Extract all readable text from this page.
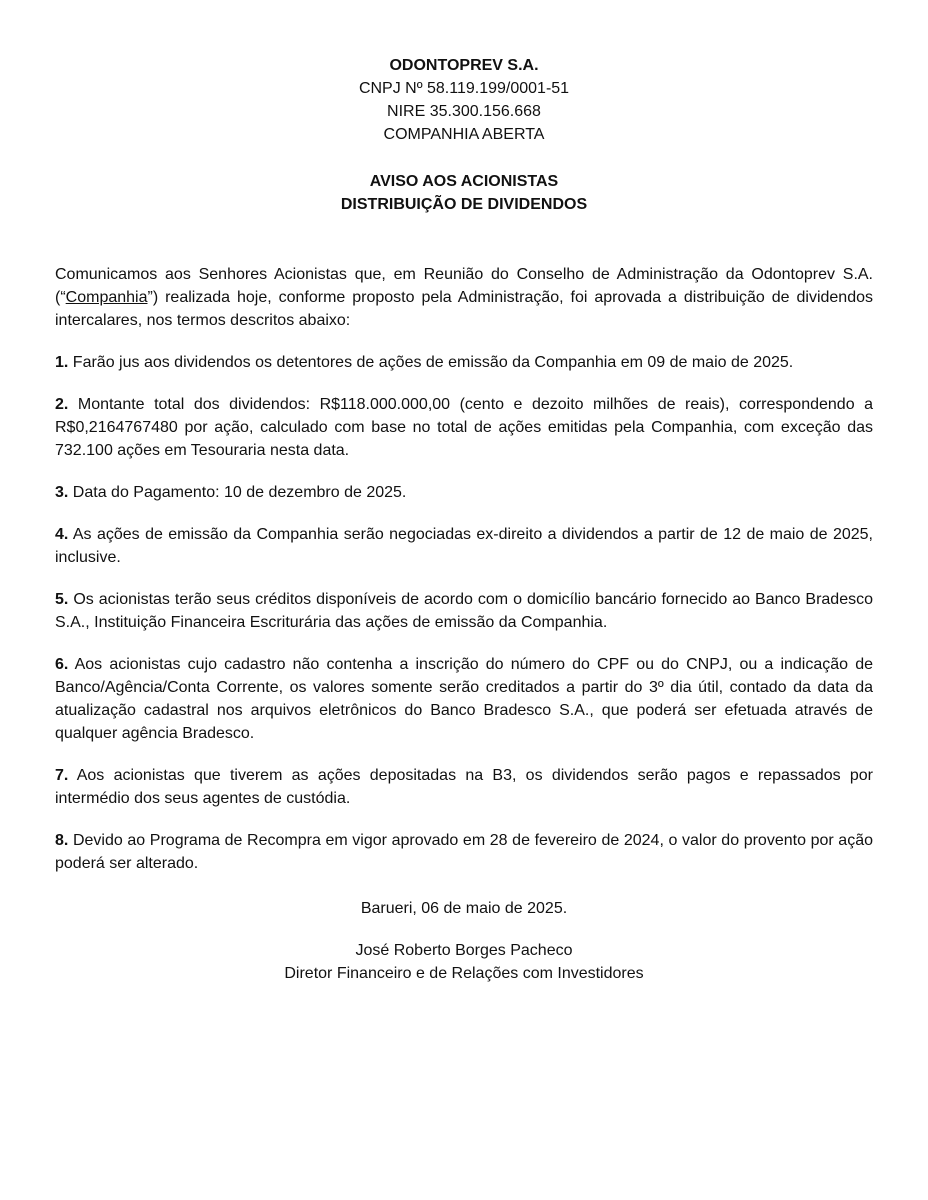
ODONTOPREV S.A.

CNPJ Nº 58.119.199/0001-51

NIRE 35.300.156.668

COMPANHIA ABERTA

AVISO AOS ACIONISTAS

DISTRIBUIÇÃO DE DIVIDENDOS

Comunicamos aos Senhores Acionistas que, em Reunião do Conselho de Administração da Odontoprev S.A. (“Companhia”) realizada hoje, conforme proposto pela Administração, foi aprovada a distribuição de dividendos intercalares, nos termos descritos abaixo:

1. Farão jus aos dividendos os detentores de ações de emissão da Companhia em 09 de maio de 2025.

2. Montante total dos dividendos: R$118.000.000,00 (cento e dezoito milhões de reais), correspondendo a R$0,2164767480 por ação, calculado com base no total de ações emitidas pela Companhia, com exceção das 732.100 ações em Tesouraria nesta data.

3. Data do Pagamento: 10 de dezembro de 2025.

4. As ações de emissão da Companhia serão negociadas ex-direito a dividendos a partir de 12 de maio de 2025, inclusive.

5. Os acionistas terão seus créditos disponíveis de acordo com o domicílio bancário fornecido ao Banco Bradesco S.A., Instituição Financeira Escriturária das ações de emissão da Companhia.

6. Aos acionistas cujo cadastro não contenha a inscrição do número do CPF ou do CNPJ, ou a indicação de Banco/Agência/Conta Corrente, os valores somente serão creditados a partir do 3º dia útil, contado da data da atualização cadastral nos arquivos eletrônicos do Banco Bradesco S.A., que poderá ser efetuada através de qualquer agência Bradesco.

7. Aos acionistas que tiverem as ações depositadas na B3, os dividendos serão pagos e repassados por intermédio dos seus agentes de custódia.

8. Devido ao Programa de Recompra em vigor aprovado em 28 de fevereiro de 2024, o valor do provento por ação poderá ser alterado.

Barueri, 06 de maio de 2025.

José Roberto Borges Pacheco

Diretor Financeiro e de Relações com Investidores
